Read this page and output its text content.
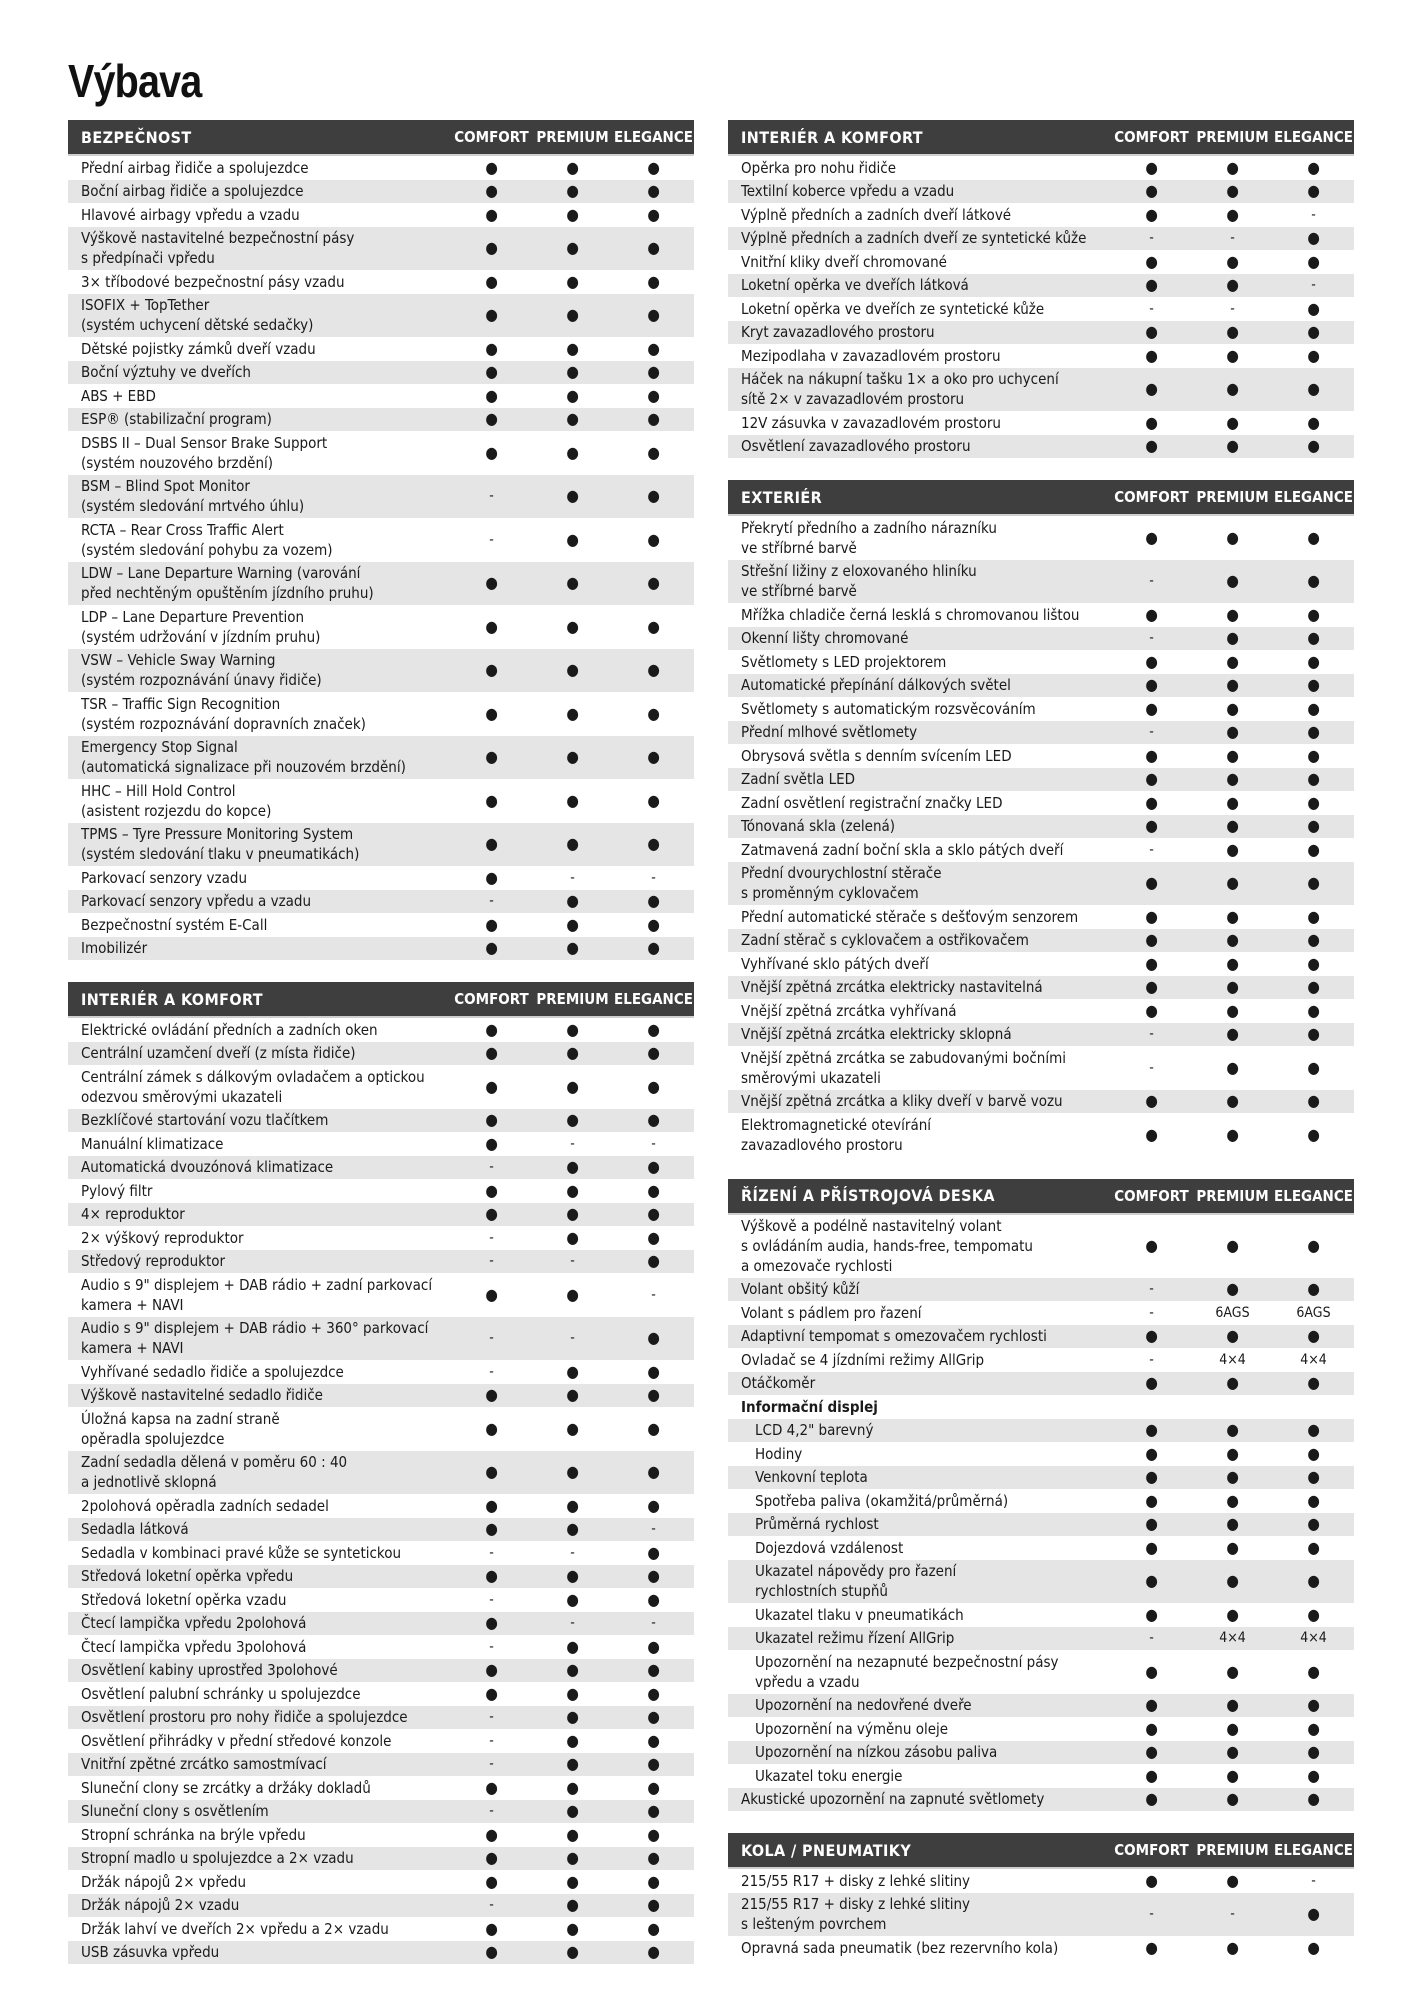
Výbava
BEZPEČNOST	COMFORT PREMIUM ELEGANCE
Přední airbag řidiče a spolujezdce	●	●	●
Boční airbag řidiče a spolujezdce	●	●	●
Hlavové airbagy vpředu a vzadu	●	●	●
Výškově nastavitelné bezpečnostní pásy
s předpínači vpředu
●	●	●
3× tříbodové bezpečnostní pásy vzadu	●	●	●
ISOFIX + TopTether
(systém uchycení dětské sedačky)
●	●	●
Dětské pojistky zámků dveří vzadu	●	●	●
Boční výztuhy ve dveřích	●	●	●
ABS + EBD	●	●	●
ESP® (stabilizační program)	●	●	●
DSBS II – Dual Sensor Brake Support
(systém nouzového brzdění)
●	●	●
BSM – Blind Spot Monitor
(systém sledování mrtvého úhlu)
-	●	●
RCTA – Rear Cross Traffic Alert
(systém sledování pohybu za vozem)
-	●	●
LDW – Lane Departure Warning (varování
před nechtěným opuštěním jízdního pruhu)
●	●	●
LDP – Lane Departure Prevention
(systém udržování v jízdním pruhu)
●	●	●
VSW – Vehicle Sway Warning
(systém rozpoznávání únavy řidiče)
●	●	●
TSR – Traffic Sign Recognition
(systém rozpoznávání dopravních značek)
●	●	●
Emergency Stop Signal
(automatická signalizace při nouzovém brzdění)
●	●	●
HHC – Hill Hold Control
(asistent rozjezdu do kopce)
●	●	●
TPMS – Tyre Pressure Monitoring System
(systém sledování tlaku v pneumatikách)
●	●	●
Parkovací senzory vzadu	●	-	-
Parkovací senzory vpředu a vzadu	-	●	●
Bezpečnostní systém E-Call	●	●	●
Imobilizér	●	●	●
INTERIÉR A KOMFORT	COMFORT PREMIUM ELEGANCE
Elektrické ovládání předních a zadních oken	●	●	●
Centrální uzamčení dveří (z místa řidiče)	●	●	●
Centrální zámek s dálkovým ovladačem a optickou
odezvou směrovými ukazateli
●	●	●
Bezklíčové startování vozu tlačítkem	●	●	●
Manuální klimatizace	●	-	-
Automatická dvouzónová klimatizace	-	●	●
Pylový filtr	●	●	●
4× reproduktor	●	●	●
2× výškový reproduktor	-	●	●
Středový reproduktor	-	-	●
Audio s 9" displejem + DAB rádio + zadní parkovací
kamera + NAVI
●	●	-
Audio s 9" displejem + DAB rádio + 360° parkovací
kamera + NAVI
-	-	●
Vyhřívané sedadlo řidiče a spolujezdce	-	●	●
Výškově nastavitelné sedadlo řidiče	●	●	●
Úložná kapsa na zadní straně
opěradla spolujezdce
●	●	●
Zadní sedadla dělená v poměru 60 : 40
a jednotlivě sklopná
●	●	●
2polohová opěradla zadních sedadel	●	●	●
Sedadla látková	●	●	-
Sedadla v kombinaci pravé kůže se syntetickou	-	-	●
Středová loketní opěrka vpředu	●	●	●
Středová loketní opěrka vzadu	-	●	●
Čtecí lampička vpředu 2polohová	●	-	-
Čtecí lampička vpředu 3polohová	-	●	●
Osvětlení kabiny uprostřed 3polohové	●	●	●
Osvětlení palubní schránky u spolujezdce	●	●	●
Osvětlení prostoru pro nohy řidiče a spolujezdce	-	●	●
Osvětlení přihrádky v přední středové konzole	-	●	●
Vnitřní zpětné zrcátko samostmívací	-	●	●
Sluneční clony se zrcátky a držáky dokladů	●	●	●
Sluneční clony s osvětlením	-	●	●
Stropní schránka na brýle vpředu	●	●	●
Stropní madlo u spolujezdce a 2× vzadu	●	●	●
Držák nápojů 2× vpředu	●	●	●
Držák nápojů 2× vzadu	-	●	●
Držák lahví ve dveřích 2× vpředu a 2× vzadu	●	●	●
USB zásuvka vpředu	●	●	●
INTERIÉR A KOMFORT	COMFORT PREMIUM ELEGANCE
Opěrka pro nohu řidiče	●	●	●
Textilní koberce vpředu a vzadu	●	●	●
Výplně předních a zadních dveří látkové	●	●	-
Výplně předních a zadních dveří ze syntetické kůže	-	-	●
Vnitřní kliky dveří chromované	●	●	●
Loketní opěrka ve dveřích látková	●	●	-
Loketní opěrka ve dveřích ze syntetické kůže	-	-	●
Kryt zavazadlového prostoru	●	●	●
Mezipodlaha v zavazadlovém prostoru	●	●	●
Háček na nákupní tašku 1× a oko pro uchycení
sítě 2× v zavazadlovém prostoru
●	●	●
12V zásuvka v zavazadlovém prostoru	●	●	●
Osvětlení zavazadlového prostoru	●	●	●
EXTERIÉR	COMFORT PREMIUM ELEGANCE
Překrytí předního a zadního nárazníku
ve stříbrné barvě
●	●	●
Střešní ližiny z eloxovaného hliníku
ve stříbrné barvě
-	●	●
Mřížka chladiče černá lesklá s chromovanou lištou	●	●	●
Okenní lišty chromované	-	●	●
Světlomety s LED projektorem	●	●	●
Automatické přepínání dálkových světel	●	●	●
Světlomety s automatickým rozsvěcováním	●	●	●
Přední mlhové světlomety	-	●	●
Obrysová světla s denním svícením LED	●	●	●
Zadní světla LED	●	●	●
Zadní osvětlení registrační značky LED	●	●	●
Tónovaná skla (zelená)	●	●	●
Zatmavená zadní boční skla a sklo pátých dveří	-	●	●
Přední dvourychlostní stěrače
s proměnným cyklovačem
●	●	●
Přední automatické stěrače s dešťovým senzorem	●	●	●
Zadní stěrač s cyklovačem a ostřikovačem	●	●	●
Vyhřívané sklo pátých dveří	●	●	●
Vnější zpětná zrcátka elektricky nastavitelná	●	●	●
Vnější zpětná zrcátka vyhřívaná	●	●	●
Vnější zpětná zrcátka elektricky sklopná	-	●	●
Vnější zpětná zrcátka se zabudovanými bočními
směrovými ukazateli
-	●	●
Vnější zpětná zrcátka a kliky dveří v barvě vozu	●	●	●
Elektromagnetické otevírání
zavazadlového prostoru
●	●	●
ŘÍZENÍ A PŘÍSTROJOVÁ DESKA	COMFORT PREMIUM ELEGANCE
Výškově a podélně nastavitelný volant
s ovládáním audia, hands-free, tempomatu
a omezovače rychlosti
●	●	●
Volant obšitý kůží	-	●	●
Volant s pádlem pro řazení	-	6AGS	6AGS
Adaptivní tempomat s omezovačem rychlosti	●	●	●
Ovladač se 4 jízdními režimy AllGrip	-	4×4	4×4
Otáčkoměr	●	●	●
Informační displej
LCD 4,2" barevný	●	●	●
Hodiny	●	●	●
Venkovní teplota	●	●	●
Spotřeba paliva (okamžitá/průměrná)	●	●	●
Průměrná rychlost	●	●	●
Dojezdová vzdálenost	●	●	●
Ukazatel nápovědy pro řazení
rychlostních stupňů
●	●	●
Ukazatel tlaku v pneumatikách	●	●	●
Ukazatel režimu řízení AllGrip	-	4×4	4×4
Upozornění na nezapnuté bezpečnostní pásy
vpředu a vzadu
●	●	●
Upozornění na nedovřené dveře	●	●	●
Upozornění na výměnu oleje	●	●	●
Upozornění na nízkou zásobu paliva	●	●	●
Ukazatel toku energie	●	●	●
Akustické upozornění na zapnuté světlomety	●	●	●
KOLA / PNEUMATIKY	COMFORT PREMIUM ELEGANCE
215/55 R17 + disky z lehké slitiny	●	●	-
215/55 R17 + disky z lehké slitiny
s lešteným povrchem
-	-	●
Opravná sada pneumatik (bez rezervního kola)	●	●	●
